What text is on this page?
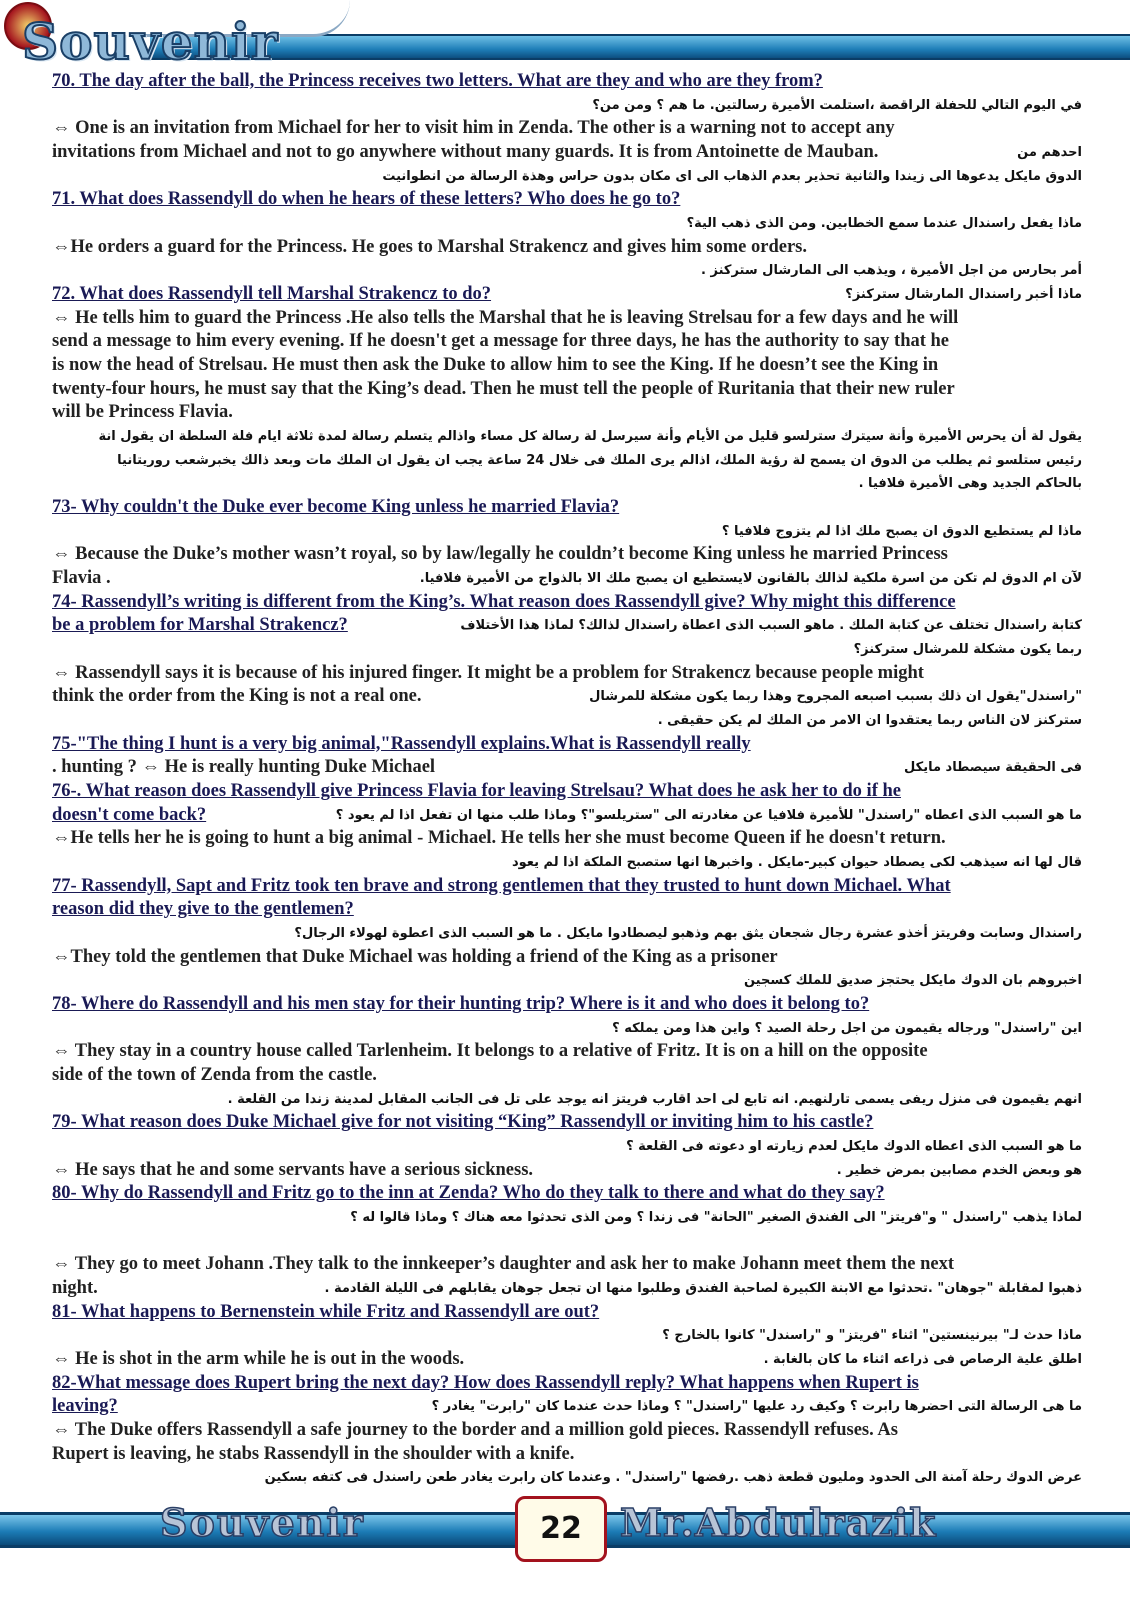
Souvenir
70. The day after the ball, the Princess receives two letters. What are they and who are they from?
في اليوم التالي للحفلة الراقصة ،استلمت الأميرة رسالتين. ما هم ؟ ومن من؟
⇔ One is an invitation from Michael for her to visit him in Zenda. The other is a warning not to accept any
invitations from Michael and not to go anywhere without many guards. It is from Antoinette de Mauban.	احدهم من
الدوق مايكل يدعوها الى زيندا والثانية تحذير بعدم الذهاب الى اى مكان بدون حراس وهذة الرسالة من انطوانيت
71. What does Rassendyll do when he hears of these letters? Who does he go to?
ماذا يفعل راسندال عندما سمع الخطابين. ومن الذى ذهب الية؟
⇔He orders a guard for the Princess. He goes to Marshal Strakencz and gives him some orders.
أمر بحارس من اجل الأميرة ، ويذهب الى المارشال ستركنز .
72. What does Rassendyll tell Marshal Strakencz to do?	ماذا أخبر راسندال المارشال ستركنز؟
⇔ He tells him to guard the Princess .He also tells the Marshal that he is leaving Strelsau for a few days and he will
send a message to him every evening. If he doesn't get a message for three days, he has the authority to say that he
is now the head of Strelsau. He must then ask the Duke to allow him to see the King. If he doesn’t see the King in
twenty-four hours, he must say that the King’s dead. Then he must tell the people of Ruritania that their new ruler
will be Princess Flavia.
يقول لة أن يحرس الأميرة وأنة سيترك سترلسو قليل من الأيام وأنة سيرسل لة رسالة كل مساء واذالم يتسلم رسالة لمدة ثلاثة ايام فلة السلطة ان يقول انة
رئيس ستلسو ثم يطلب من الدوق ان يسمح لة رؤية الملك، اذالم يرى الملك فى خلال 24 ساعة يجب ان يقول ان الملك مات وبعد ذالك يخبرشعب روريتانيا
بالحاكم الجديد وهى الأميرة فلافيا .
73- Why couldn't the Duke ever become King unless he married Flavia?
ماذا لم يستطيع الدوق ان يصبح ملك اذا لم يتزوج فلافيا ؟
⇔ Because the Duke’s mother wasn’t royal, so by law/legally he couldn’t become King unless he married Princess
Flavia .	لآن ام الدوق لم تكن من اسرة ملكية لذالك بالقانون لايستطيع ان يصبح ملك الا بالذواج من الأميرة فلافيا.
74- Rassendyll’s writing is different from the King’s. What reason does Rassendyll give? Why might this difference
be a problem for Marshal Strakencz?	كتابة راسندال تختلف عن كتابة الملك . ماهو السبب الذى اعطاة راسندال لذالك؟ لماذا هذا الأختلاف
ربما يكون مشكلة للمرشال ستركنز؟
⇔ Rassendyll says it is because of his injured finger. It might be a problem for Strakencz because people might
think the order from the King is not a real one.	"راسندل"يقول ان ذلك بسبب اصبعه المجروح وهذا ربما يكون مشكلة للمرشال
ستركنز لان الناس ربما يعتقدوا ان الامر من الملك لم يكن حقيقى .
75-"The thing I hunt is a very big animal,"Rassendyll explains.What is Rassendyll really
. hunting ? ⇔ He is really hunting Duke Michael	فى الحقيقة سيصطاد مايكل
76-. What reason does Rassendyll give Princess Flavia for leaving Strelsau? What does he ask her to do if he
doesn't come back?	ما هو السبب الذى اعطاه "راسندل" للأميرة فلافيا عن مغادرته الى "ستريلسو"؟ وماذا طلب منها ان تفعل اذا لم يعود ؟
⇔He tells her he is going to hunt a big animal - Michael. He tells her she must become Queen if he doesn't return.
قال لها انه سيذهب لكى يصطاد حيوان كبير-مايكل . واخبرها انها ستصبح الملكة اذا لم يعود
77- Rassendyll, Sapt and Fritz took ten brave and strong gentlemen that they trusted to hunt down Michael. What
reason did they give to the gentlemen?
راسندال وسابت وفريتز أخذو عشرة رجال شجعان يثق بهم وذهبو ليصطادوا مايكل . ما هو السبب الذى اعطوة لهولاء الرجال؟
⇔They told the gentlemen that Duke Michael was holding a friend of the King as a prisoner
اخبروهم بان الدوك مايكل يحتجز صديق للملك كسجين
78- Where do Rassendyll and his men stay for their hunting trip? Where is it and who does it belong to?
اين "راسندل" ورجاله يقيمون من اجل رحلة الصيد ؟ واين هذا ومن يملكه ؟
⇔ They stay in a country house called Tarlenheim. It belongs to a relative of Fritz. It is on a hill on the opposite
side of the town of Zenda from the castle.
انهم يقيمون فى منزل ريفى يسمى تارلنهيم. انه تابع لى احد اقارب فريتز انه يوجد على تل فى الجانب المقابل لمدينة زندا من القلعة .
79- What reason does Duke Michael give for not visiting “King” Rassendyll or inviting him to his castle?
ما هو السبب الذى اعطاه الدوك مايكل لعدم زيارته او دعوته فى القلعة ؟
⇔ He says that he and some servants have a serious sickness.	هو وبعض الخدم مصابين بمرض خطير .
80- Why do Rassendyll and Fritz go to the inn at Zenda? Who do they talk to there and what do they say?
لماذا يذهب "راسندل " و"فريتز" الى الفندق الصغير "الحانة" فى زندا ؟ ومن الذى تحدثوا معه هناك ؟ وماذا قالوا له ؟
⇔ They go to meet Johann .They talk to the innkeeper’s daughter and ask her to make Johann meet them the next
night.	ذهبوا لمقابلة "جوهان" .تحدثوا مع الابنة الكبيرة لصاحبة الفندق وطلبوا منها ان تجعل جوهان يقابلهم فى الليلة القادمة .
81- What happens to Bernenstein while Fritz and Rassendyll are out?
ماذا حدث لـ" بيرنينستين" اثناء "فريتز" و "راسندل" كانوا بالخارج ؟
⇔ He is shot in the arm while he is out in the woods.	اطلق علية الرصاص فى ذراعه اثناء ما كان بالغابة .
82-What message does Rupert bring the next day? How does Rassendyll reply? What happens when Rupert is
leaving?	ما هى الرسالة التى احضرها رابرت ؟ وكيف رد عليها "راسندل" ؟ وماذا حدث عندما كان "رابرت" يغادر ؟
⇔ The Duke offers Rassendyll a safe journey to the border and a million gold pieces. Rassendyll refuses. As
Rupert is leaving, he stabs Rassendyll in the shoulder with a knife.
عرض الدوك رحلة آمنة الى الحدود ومليون قطعة ذهب .رفضها "راسندل" . وعندما كان رابرت يغادر طعن راسندل فى كتفه بسكين
Souvenir	22	Mr.Abdulrazik
